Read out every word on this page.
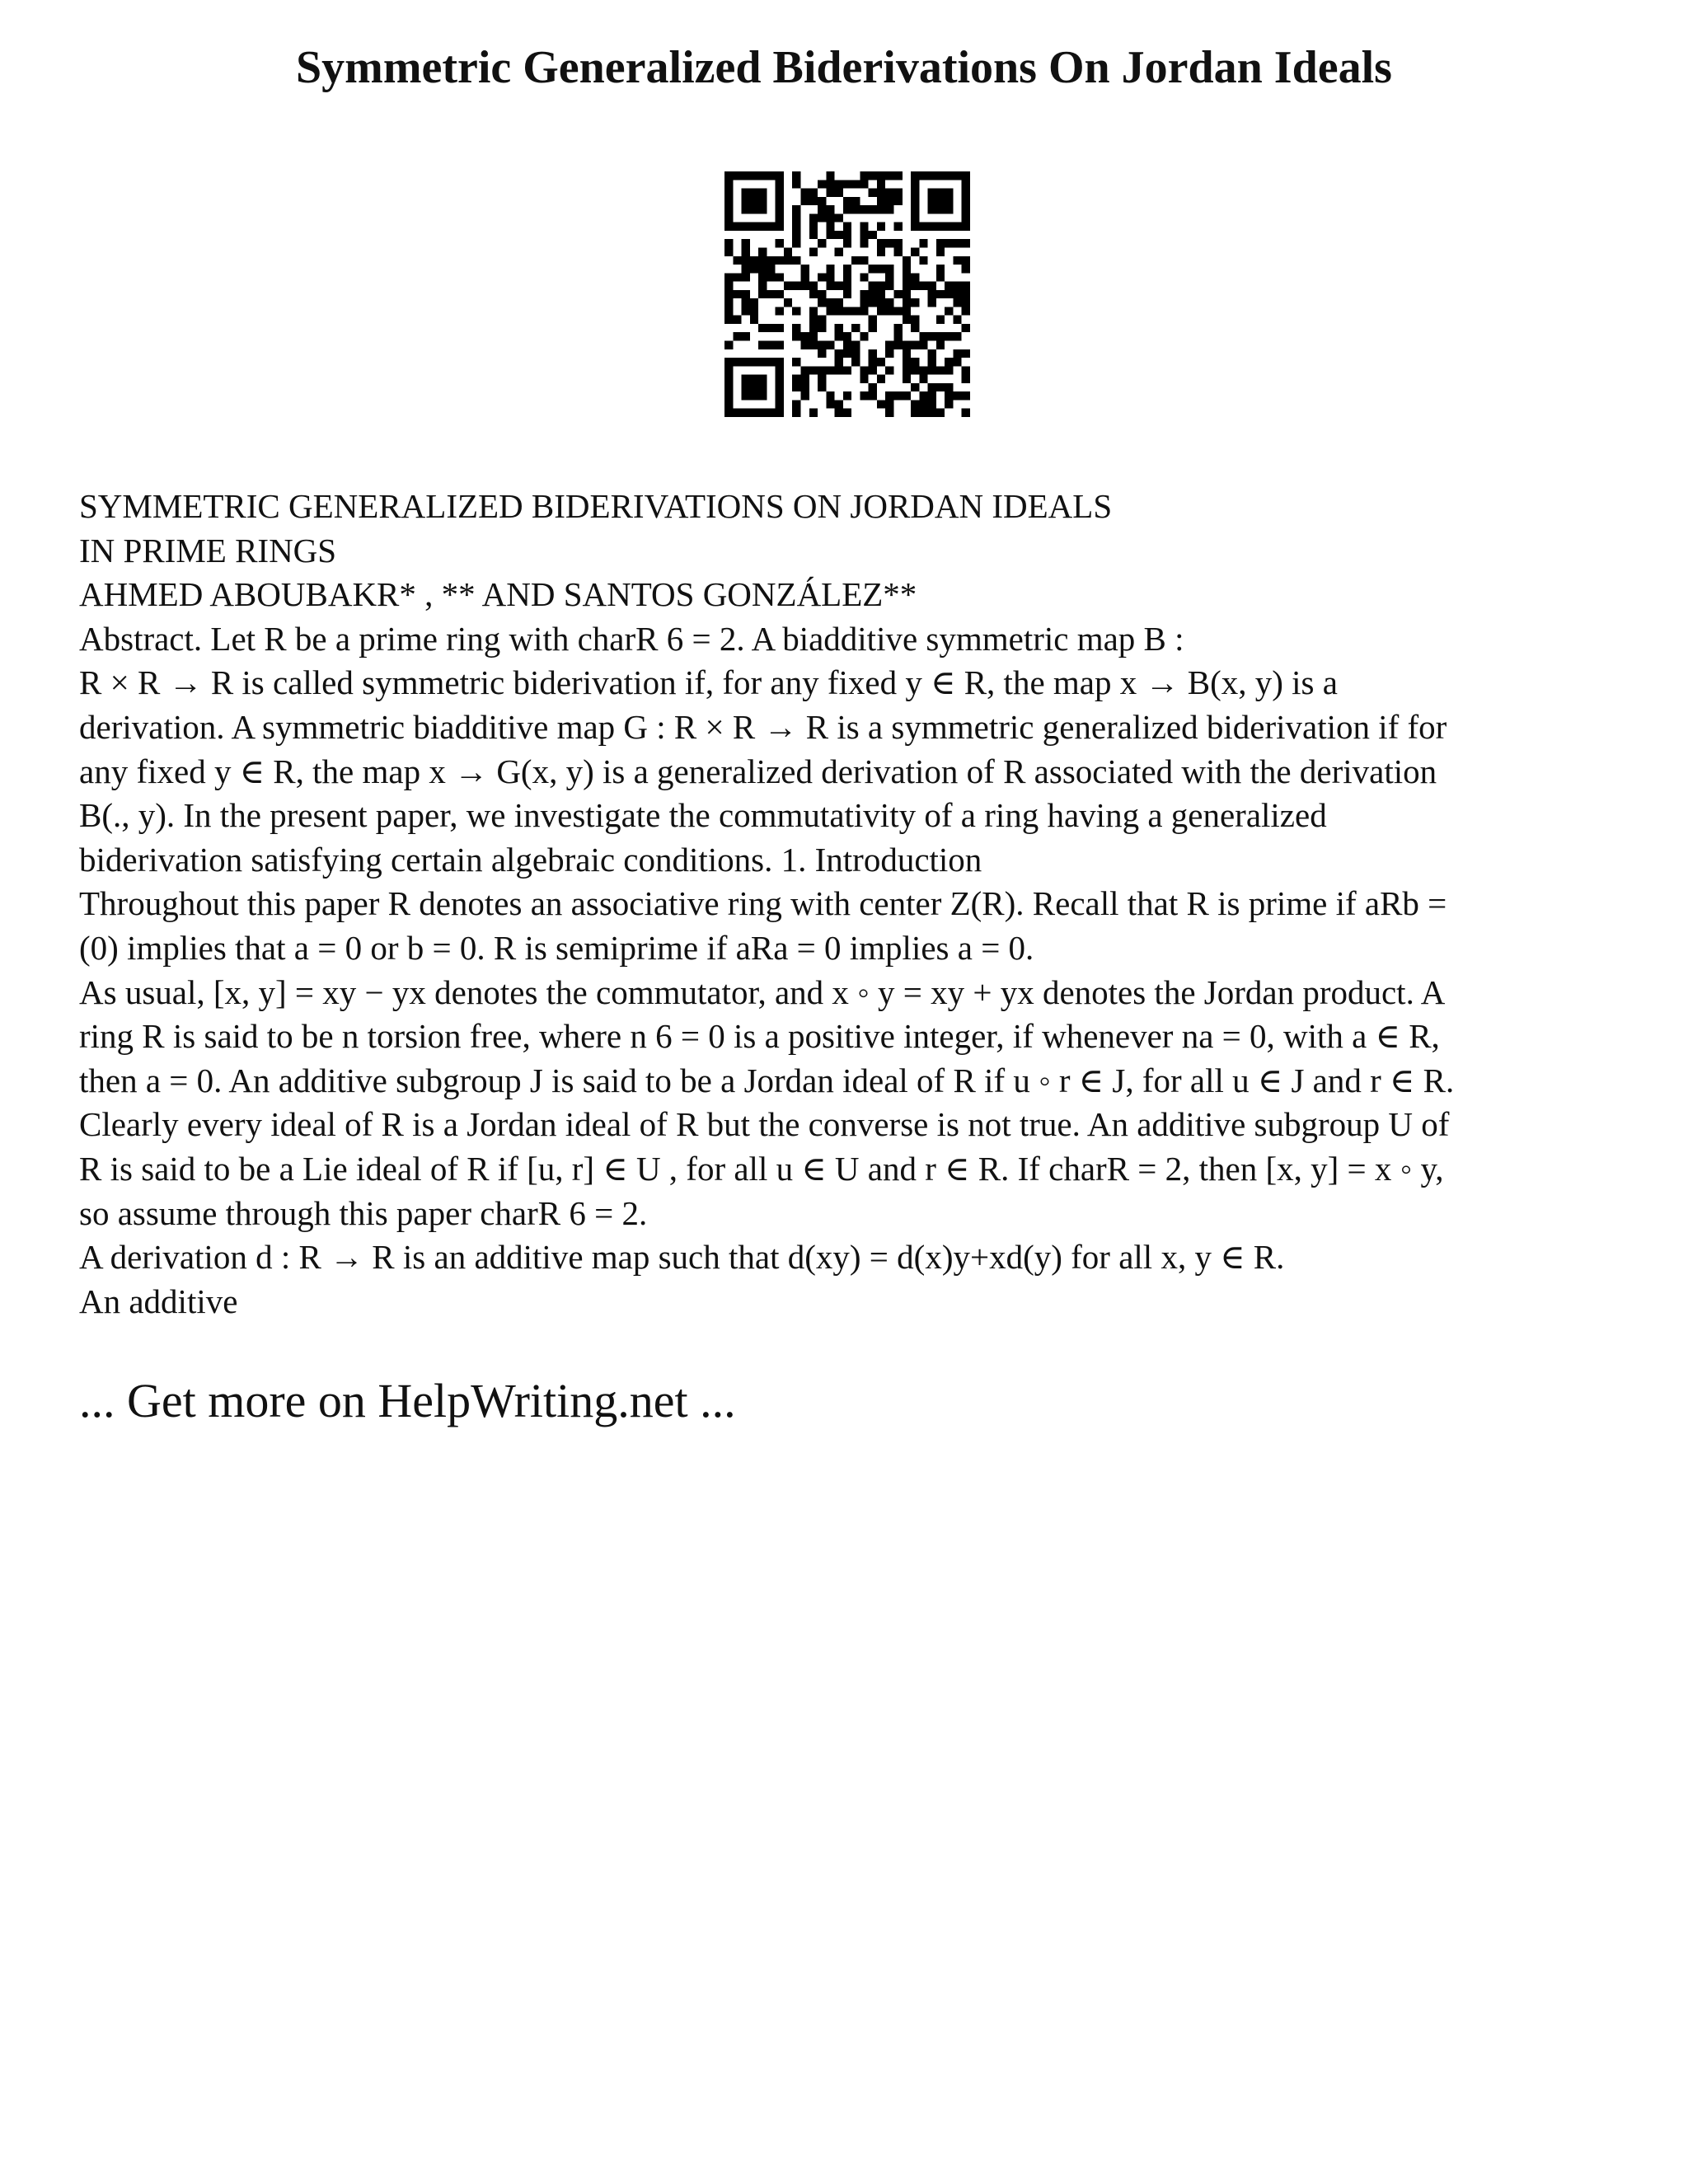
Symmetric Generalized Biderivations On Jordan Ideals
SYMMETRIC GENERALIZED BIDERIVATIONS ON JORDAN IDEALS
IN PRIME RINGS
AHMED ABOUBAKR* , ** AND SANTOS GONZÁLEZ**
Abstract. Let R be a prime ring with charR 6 = 2. A biadditive symmetric map B :
R × R → R is called symmetric biderivation if, for any fixed y ∈ R, the map x → B(x, y) is a
derivation. A symmetric biadditive map G : R × R → R is a symmetric generalized biderivation if for
any fixed y ∈ R, the map x → G(x, y) is a generalized derivation of R associated with the derivation
B(., y). In the present paper, we investigate the commutativity of a ring having a generalized
biderivation satisfying certain algebraic conditions. 1. Introduction
Throughout this paper R denotes an associative ring with center Z(R). Recall that R is prime if aRb =
(0) implies that a = 0 or b = 0. R is semiprime if aRa = 0 implies a = 0.
As usual, [x, y] = xy − yx denotes the commutator, and x ◦ y = xy + yx denotes the Jordan product. A
ring R is said to be n torsion free, where n 6 = 0 is a positive integer, if whenever na = 0, with a ∈ R,
then a = 0. An additive subgroup J is said to be a Jordan ideal of R if u ◦ r ∈ J, for all u ∈ J and r ∈ R.
Clearly every ideal of R is a Jordan ideal of R but the converse is not true. An additive subgroup U of
R is said to be a Lie ideal of R if [u, r] ∈ U , for all u ∈ U and r ∈ R. If charR = 2, then [x, y] = x ◦ y,
so assume through this paper charR 6 = 2.
A derivation d : R → R is an additive map such that d(xy) = d(x)y+xd(y) for all x, y ∈ R.
An additive
... Get more on HelpWriting.net ...
